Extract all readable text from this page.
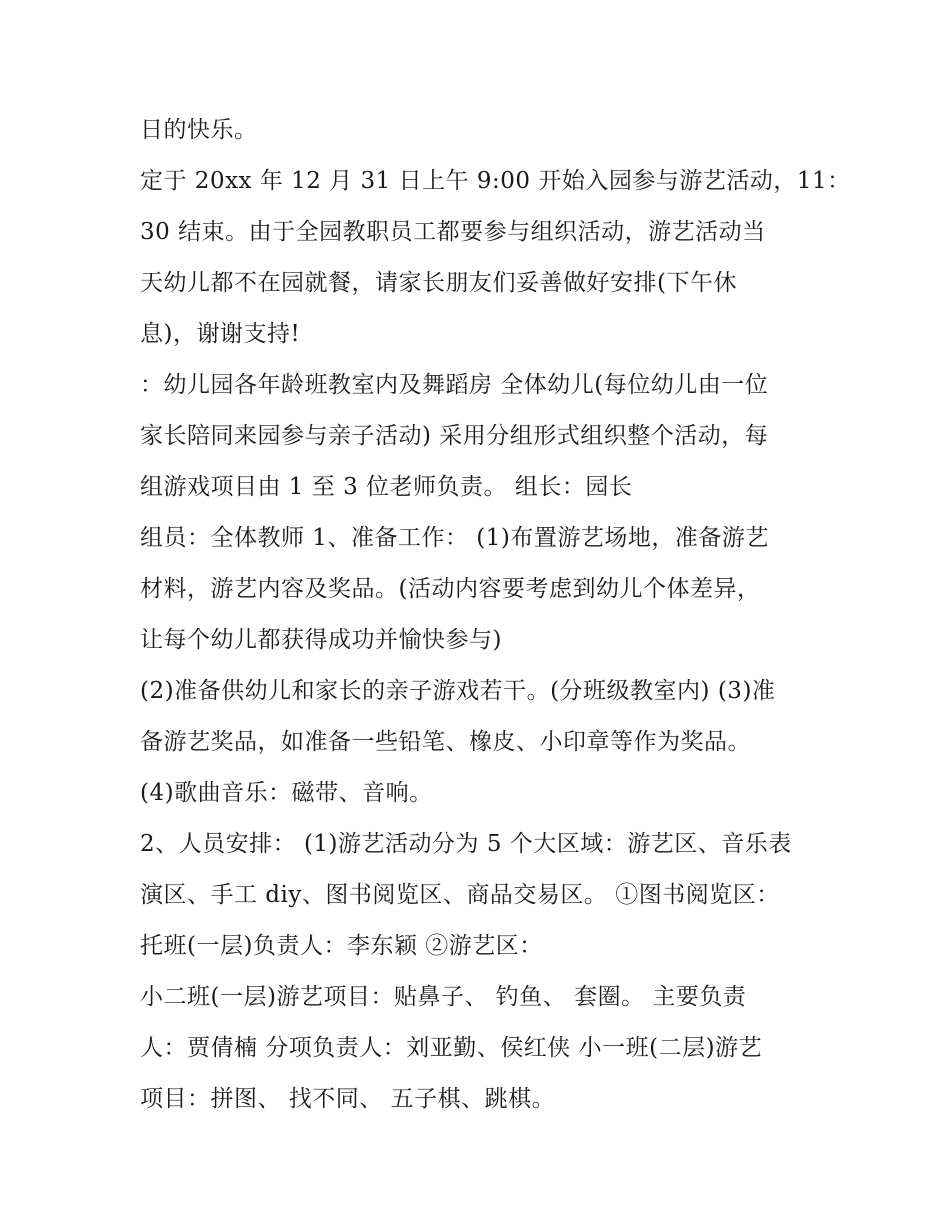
日的快乐。
定于 20xx 年 12 月 31 日上午 9:00 开始入园参与游艺活动，11：
30 结束。由于全园教职员工都要参与组织活动，游艺活动当
天幼儿都不在园就餐，请家长朋友们妥善做好安排(下午休
息)，谢谢支持!
：幼儿园各年龄班教室内及舞蹈房 全体幼儿(每位幼儿由一位
家长陪同来园参与亲子活动) 采用分组形式组织整个活动，每
组游戏项目由 1 至 3 位老师负责。 组长：园长
组员：全体教师 1、准备工作： (1)布置游艺场地，准备游艺
材料，游艺内容及奖品。(活动内容要考虑到幼儿个体差异，
让每个幼儿都获得成功并愉快参与)
(2)准备供幼儿和家长的亲子游戏若干。(分班级教室内) (3)准
备游艺奖品，如准备一些铅笔、橡皮、小印章等作为奖品。
(4)歌曲音乐：磁带、音响。
2、人员安排： (1)游艺活动分为 5 个大区域：游艺区、音乐表
演区、手工 diy、图书阅览区、商品交易区。 ①图书阅览区：
托班(一层)负责人：李东颖 ②游艺区：
小二班(一层)游艺项目：贴鼻子、 钓鱼、 套圈。 主要负责
人：贾倩楠 分项负责人：刘亚勤、侯红侠 小一班(二层)游艺
项目：拼图、 找不同、 五子棋、跳棋。
